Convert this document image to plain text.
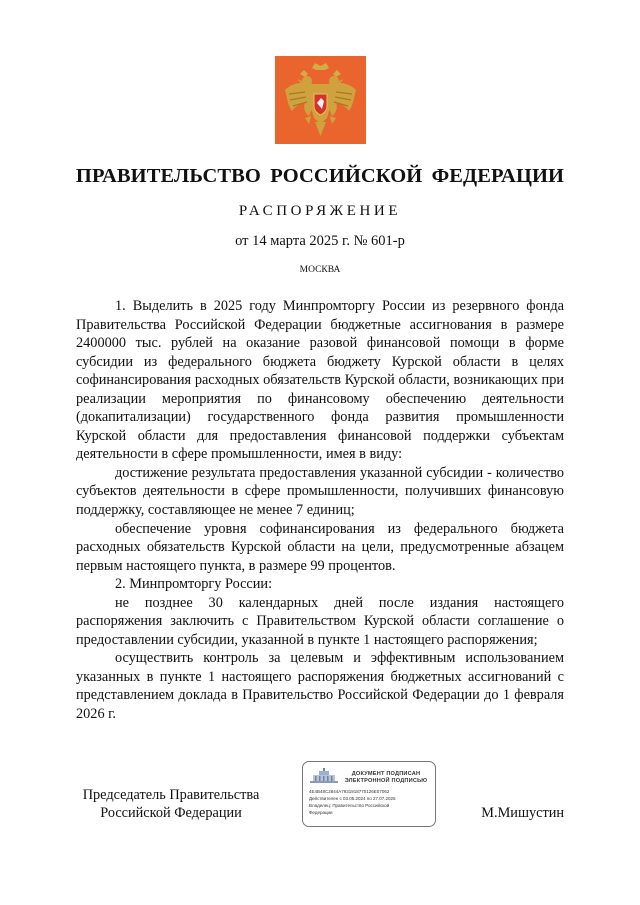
ПРАВИТЕЛЬСТВО РОССИЙСКОЙ ФЕДЕРАЦИИ
РАСПОРЯЖЕНИЕ
от 14 марта 2025 г. № 601-р
МОСКВА

1. Выделить в 2025 году Минпромторгу России из резервного фонда Правительства Российской Федерации бюджетные ассигнования в размере 2400000 тыс. рублей на оказание разовой финансовой помощи в форме субсидии из федерального бюджета бюджету Курской области в целях софинансирования расходных обязательств Курской области, возникающих при реализации мероприятия по финансовому обеспечению деятельности (докапитализации) государственного фонда развития промышленности Курской области для предоставления финансовой поддержки субъектам деятельности в сфере промышленности, имея в виду:

достижение результата предоставления указанной субсидии - количество субъектов деятельности в сфере промышленности, получивших финансовую поддержку, составляющее не менее 7 единиц;

обеспечение уровня софинансирования из федерального бюджета расходных обязательств Курской области на цели, предусмотренные абзацем первым настоящего пункта, в размере 99 процентов.

2. Минпромторгу России:

не позднее 30 календарных дней после издания настоящего распоряжения заключить с Правительством Курской области соглашение о предоставлении субсидии, указанной в пункте 1 настоящего распоряжения;

осуществить контроль за целевым и эффективным использованием указанных в пункте 1 настоящего распоряжения бюджетных ассигнований с представлением доклада в Правительство Российской Федерации до 1 февраля 2026 г.

Председатель Правительства
Российской Федерации
ДОКУМЕНТ ПОДПИСАН
ЭЛЕКТРОННОЙ ПОДПИСЬЮ
4E4B48C2844A7931918770126E07062
Действителен с 03.05.2024 по 27.07.2025
Владелец: Правительство Российской
Федерации	М.Мишустин
